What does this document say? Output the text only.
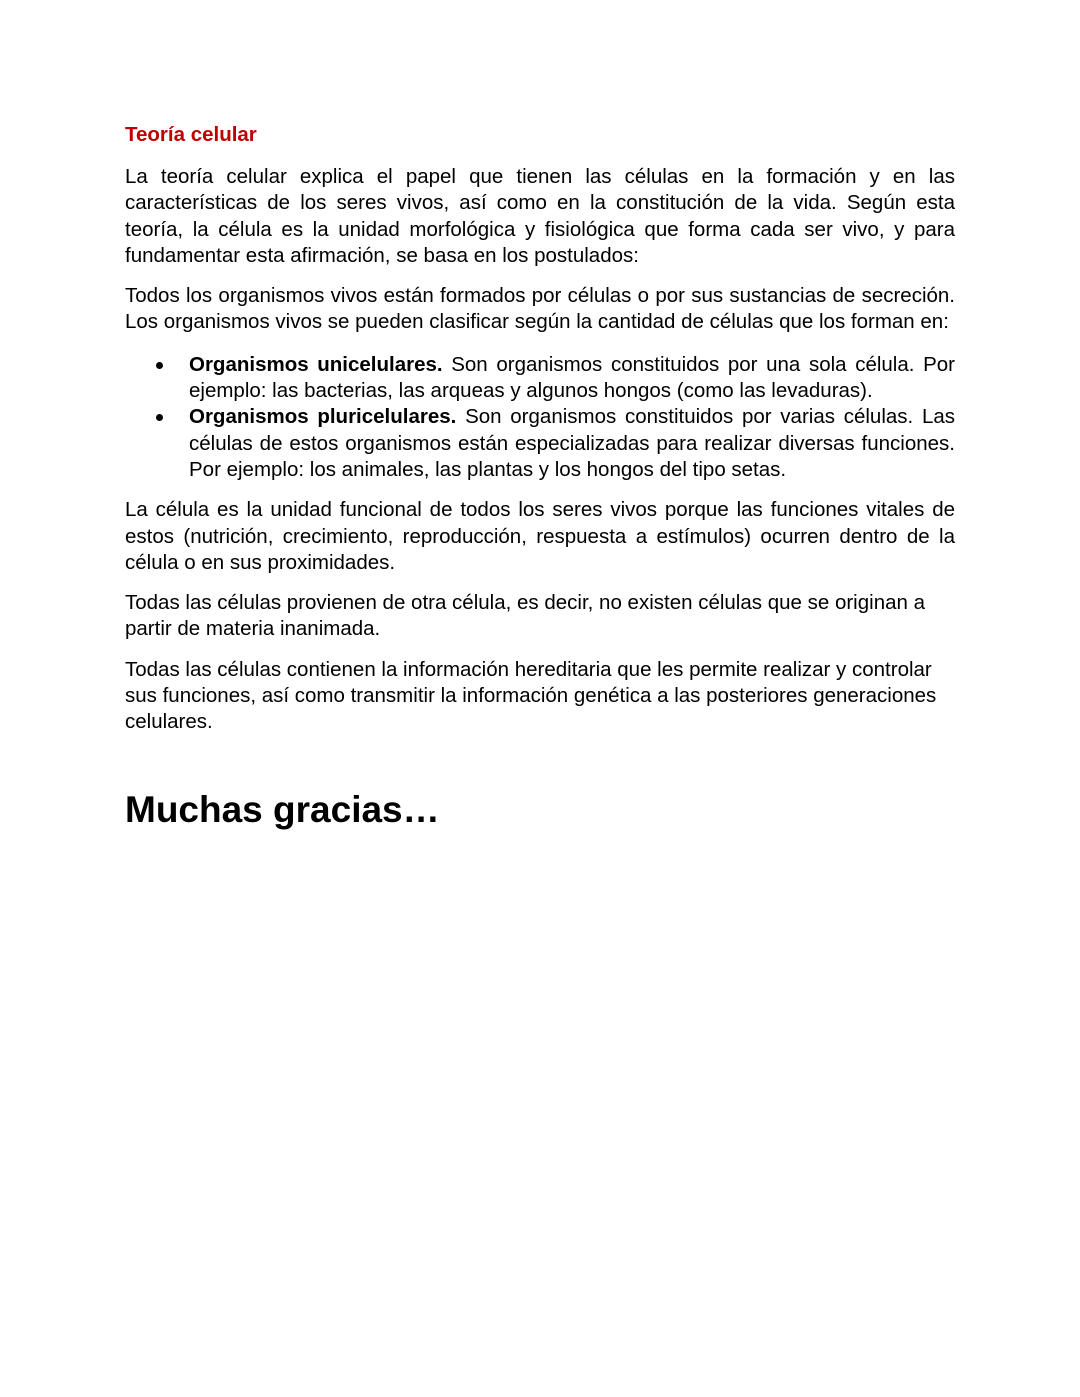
Teoría celular

La teoría celular explica el papel que tienen las células en la formación y en las características de los seres vivos, así como en la constitución de la vida. Según esta teoría, la célula es la unidad morfológica y fisiológica que forma cada ser vivo, y para fundamentar esta afirmación, se basa en los postulados:

Todos los organismos vivos están formados por células o por sus sustancias de secreción. Los organismos vivos se pueden clasificar según la cantidad de células que los forman en:

Organismos unicelulares. Son organismos constituidos por una sola célula. Por ejemplo: las bacterias, las arqueas y algunos hongos (como las levaduras).
Organismos pluricelulares. Son organismos constituidos por varias células. Las células de estos organismos están especializadas para realizar diversas funciones. Por ejemplo: los animales, las plantas y los hongos del tipo setas.

La célula es la unidad funcional de todos los seres vivos porque las funciones vitales de estos (nutrición, crecimiento, reproducción, respuesta a estímulos) ocurren dentro de la célula o en sus proximidades.

Todas las células provienen de otra célula, es decir, no existen células que se originan a partir de materia inanimada.

Todas las células contienen la información hereditaria que les permite realizar y controlar sus funciones, así como transmitir la información genética a las posteriores generaciones celulares.

Muchas gracias…
